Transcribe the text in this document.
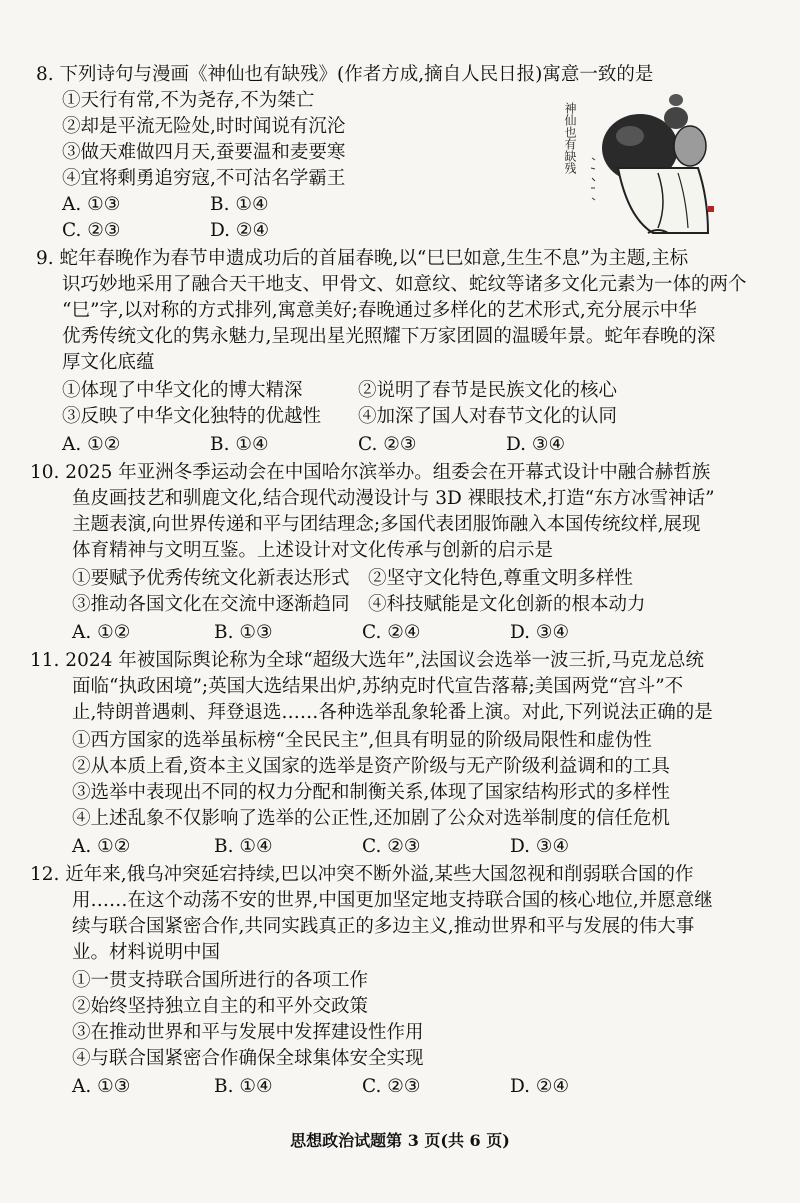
8. 下列诗句与漫画《神仙也有缺残》(作者方成,摘自人民日报)寓意一致的是
①天行有常,不为尧存,不为桀亡
②却是平流无险处,时时闻说有沉沦
③做天难做四月天,蚕要温和麦要寒
④宜将剩勇追穷寇,不可沽名学霸王
A. ①③	B. ①④
C. ②③	D. ②④
神仙也有缺残
9. 蛇年春晚作为春节申遗成功后的首届春晚,以“巳巳如意,生生不息”为主题,主标
识巧妙地采用了融合天干地支、甲骨文、如意纹、蛇纹等诸多文化元素为一体的两个
“巳”字,以对称的方式排列,寓意美好;春晚通过多样化的艺术形式,充分展示中华
优秀传统文化的隽永魅力,呈现出星光照耀下万家团圆的温暖年景。蛇年春晚的深
厚文化底蕴
①体现了中华文化的博大精深	②说明了春节是民族文化的核心
③反映了中华文化独特的优越性 ④加深了国人对春节文化的认同
A. ①②	B. ①④	C. ②③	D. ③④
10. 2025 年亚洲冬季运动会在中国哈尔滨举办。组委会在开幕式设计中融合赫哲族
鱼皮画技艺和驯鹿文化,结合现代动漫设计与 3D 裸眼技术,打造“东方冰雪神话”
主题表演,向世界传递和平与团结理念;多国代表团服饰融入本国传统纹样,展现
体育精神与文明互鉴。上述设计对文化传承与创新的启示是
①要赋予优秀传统文化新表达形式 ②坚守文化特色,尊重文明多样性
③推动各国文化在交流中逐渐趋同 ④科技赋能是文化创新的根本动力
A. ①②	B. ①③	C. ②④	D. ③④
11. 2024 年被国际舆论称为全球“超级大选年”,法国议会选举一波三折,马克龙总统
面临“执政困境”;英国大选结果出炉,苏纳克时代宣告落幕;美国两党“宫斗”不
止,特朗普遇刺、拜登退选……各种选举乱象轮番上演。对此,下列说法正确的是
①西方国家的选举虽标榜“全民民主”,但具有明显的阶级局限性和虚伪性
②从本质上看,资本主义国家的选举是资产阶级与无产阶级利益调和的工具
③选举中表现出不同的权力分配和制衡关系,体现了国家结构形式的多样性
④上述乱象不仅影响了选举的公正性,还加剧了公众对选举制度的信任危机
A. ①②	B. ①④	C. ②③	D. ③④
12. 近年来,俄乌冲突延宕持续,巴以冲突不断外溢,某些大国忽视和削弱联合国的作
用……在这个动荡不安的世界,中国更加坚定地支持联合国的核心地位,并愿意继
续与联合国紧密合作,共同实践真正的多边主义,推动世界和平与发展的伟大事
业。材料说明中国
①一贯支持联合国所进行的各项工作
②始终坚持独立自主的和平外交政策
③在推动世界和平与发展中发挥建设性作用
④与联合国紧密合作确保全球集体安全实现
A. ①③	B. ①④	C. ②③	D. ②④
思想政治试题第 3 页(共 6 页)
